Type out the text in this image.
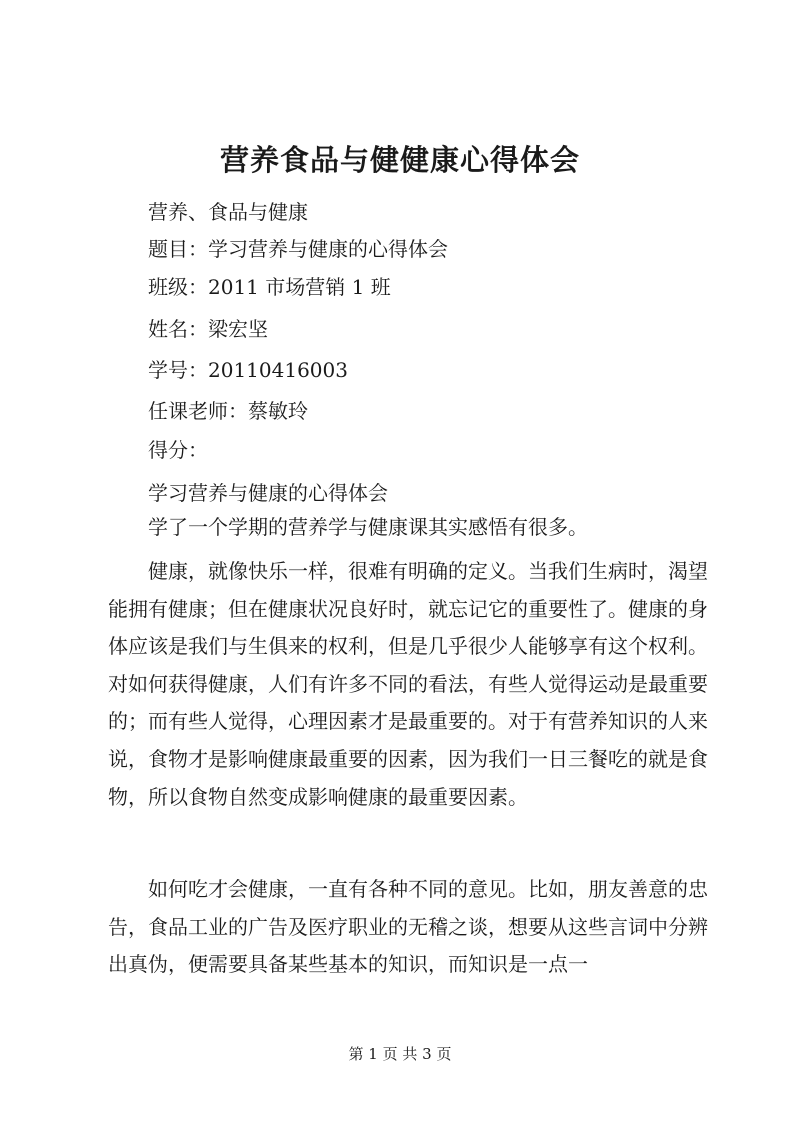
营养食品与健健康心得体会

营养、食品与健康

题目：学习营养与健康的心得体会

班级：2011 市场营销 1 班

姓名：梁宏坚

学号：20110416003

任课老师：蔡敏玲

得分：

学习营养与健康的心得体会

学了一个学期的营养学与健康课其实感悟有很多。

健康，就像快乐一样，很难有明确的定义。当我们生病时，渴望能拥有健康；但在健康状况良好时，就忘记它的重要性了。健康的身体应该是我们与生俱来的权利，但是几乎很少人能够享有这个权利。对如何获得健康，人们有许多不同的看法，有些人觉得运动是最重要的；而有些人觉得，心理因素才是最重要的。对于有营养知识的人来说，食物才是影响健康最重要的因素，因为我们一日三餐吃的就是食物，所以食物自然变成影响健康的最重要因素。

如何吃才会健康，一直有各种不同的意见。比如，朋友善意的忠告，食品工业的广告及医疗职业的无稽之谈，想要从这些言词中分辨出真伪，便需要具备某些基本的知识，而知识是一点一

第 1 页 共 3 页
